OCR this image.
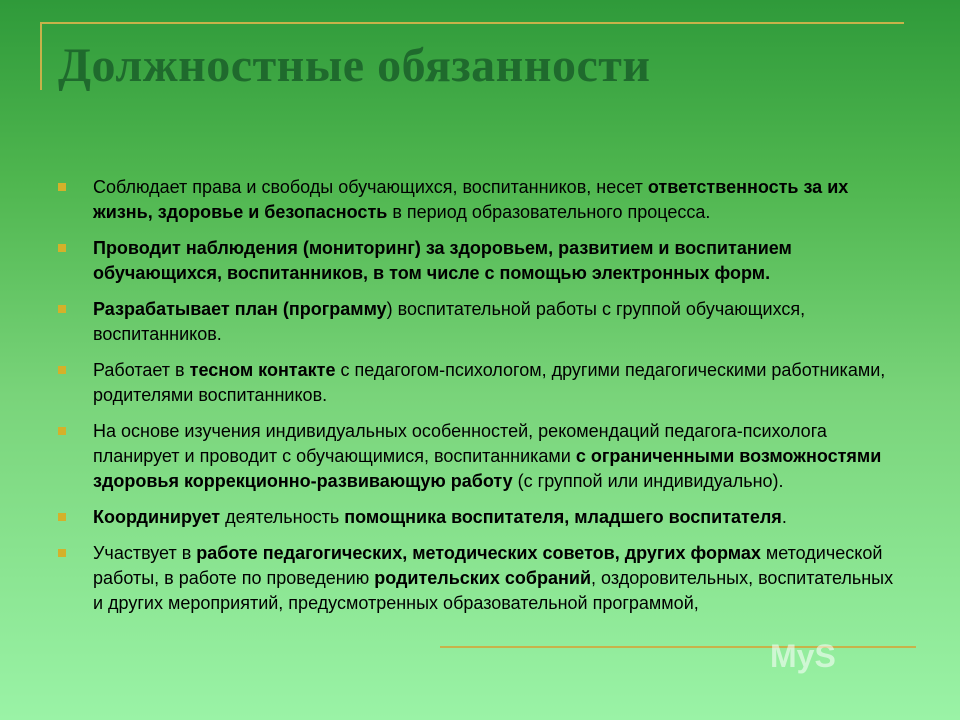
Должностные обязанности
Соблюдает права и свободы обучающихся, воспитанников, несет ответственность за их жизнь, здоровье и безопасность в период образовательного процесса.
Проводит наблюдения (мониторинг) за здоровьем, развитием и воспитанием обучающихся, воспитанников, в том числе с помощью электронных форм.
Разрабатывает план (программу) воспитательной работы с группой обучающихся, воспитанников.
Работает в тесном контакте с педагогом-психологом, другими педагогическими работниками, родителями воспитанников.
На основе изучения индивидуальных особенностей, рекомендаций педагога-психолога планирует и проводит с обучающимися, воспитанниками с ограниченными возможностями здоровья коррекционно-развивающую работу (с группой или индивидуально).
Координирует деятельность помощника воспитателя, младшего воспитателя.
Участвует в работе педагогических, методических советов, других формах методической работы, в работе по проведению родительских собраний, оздоровительных, воспитательных и других мероприятий, предусмотренных образовательной программой,
MyS
